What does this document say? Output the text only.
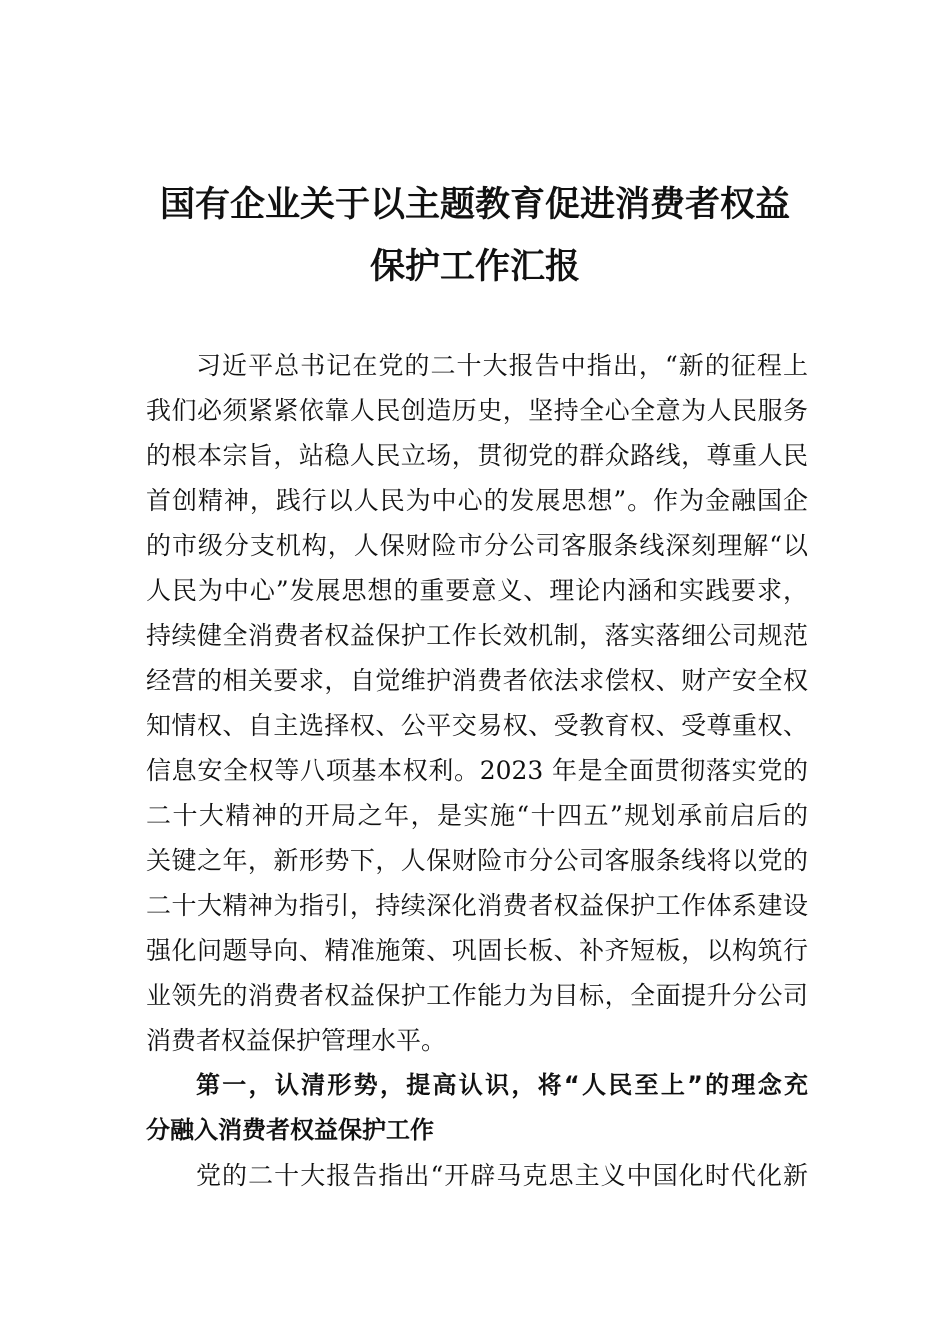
国有企业关于以主题教育促进消费者权益
保护工作汇报
习近平总书记在党的二十大报告中指出，“新的征程上
我们必须紧紧依靠人民创造历史，坚持全心全意为人民服务
的根本宗旨，站稳人民立场，贯彻党的群众路线，尊重人民
首创精神，践行以人民为中心的发展思想”。作为金融国企
的市级分支机构，人保财险市分公司客服条线深刻理解“以
人民为中心”发展思想的重要意义、理论内涵和实践要求，
持续健全消费者权益保护工作长效机制，落实落细公司规范
经营的相关要求，自觉维护消费者依法求偿权、财产安全权
知情权、自主选择权、公平交易权、受教育权、受尊重权、
信息安全权等八项基本权利。2023 年是全面贯彻落实党的
二十大精神的开局之年，是实施“十四五”规划承前启后的
关键之年，新形势下，人保财险市分公司客服条线将以党的
二十大精神为指引，持续深化消费者权益保护工作体系建设
强化问题导向、精准施策、巩固长板、补齐短板，以构筑行
业领先的消费者权益保护工作能力为目标，全面提升分公司
消费者权益保护管理水平。
第一，认清形势，提高认识，将“人民至上”的理念充
分融入消费者权益保护工作
党的二十大报告指出“开辟马克思主义中国化时代化新
